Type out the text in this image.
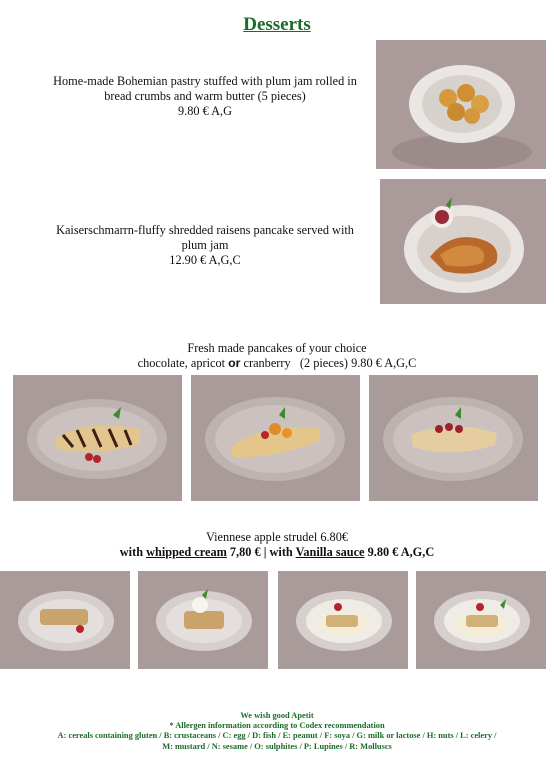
Desserts
Home-made Bohemian pastry stuffed with plum jam rolled in
bread crumbs and warm butter (5 pieces)
9.80 € A,G
Kaiserschmarrn-fluffy shredded raisens pancake served with
plum jam
12.90 € A,G,C
Fresh made pancakes of your choice
chocolate, apricot or cranberry (2 pieces) 9.80 € A,G,C
Viennese apple strudel 6.80€
with whipped cream 7,80 € | with Vanilla sauce 9.80 € A,G,C
We wish good Apetit
* Allergen information according to Codex recommendation
A: cereals containing gluten / B: crustaceans / C: egg / D: fish / E: peanut / F: soya / G: milk or lactose / H: nuts / L: celery /
M: mustard / N: sesame / O: sulphites / P: Lupines / R: Molluscs
